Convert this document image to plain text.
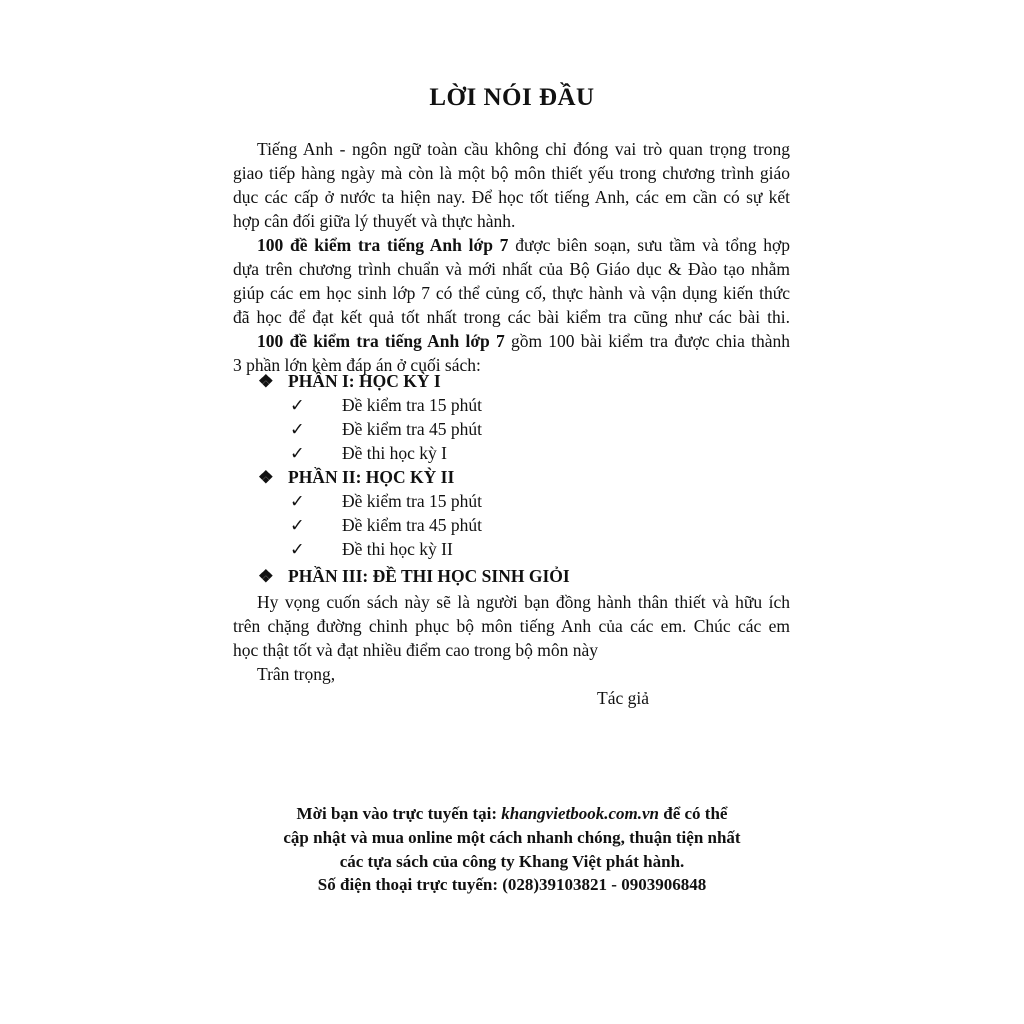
LỜI NÓI ĐẦU
Tiếng Anh - ngôn ngữ toàn cầu không chỉ đóng vai trò quan trọng trong
giao tiếp hàng ngày mà còn là một bộ môn thiết yếu trong chương trình giáo
dục các cấp ở nước ta hiện nay. Để học tốt tiếng Anh, các em cần có sự kết
hợp cân đối giữa lý thuyết và thực hành.
100 đề kiểm tra tiếng Anh lớp 7 được biên soạn, sưu tầm và tổng hợp
dựa trên chương trình chuẩn và mới nhất của Bộ Giáo dục & Đào tạo nhằm
giúp các em học sinh lớp 7 có thể củng cố, thực hành và vận dụng kiến thức
đã học để đạt kết quả tốt nhất trong các bài kiểm tra cũng như các bài thi.
100 đề kiểm tra tiếng Anh lớp 7 gồm 100 bài kiểm tra được chia thành
3 phần lớn kèm đáp án ở cuối sách:
❖ PHẦN I: HỌC KỲ I
✓ Đề kiểm tra 15 phút
✓ Đề kiểm tra 45 phút
✓ Đề thi học kỳ I
❖ PHẦN II: HỌC KỲ II
✓ Đề kiểm tra 15 phút
✓ Đề kiểm tra 45 phút
✓ Đề thi học kỳ II
❖ PHẦN III: ĐỀ THI HỌC SINH GIỎI
Hy vọng cuốn sách này sẽ là người bạn đồng hành thân thiết và hữu ích
trên chặng đường chinh phục bộ môn tiếng Anh của các em. Chúc các em
học thật tốt và đạt nhiều điểm cao trong bộ môn này
Trân trọng,
Tác giả
Mời bạn vào trực tuyến tại: khangvietbook.com.vn để có thể
cập nhật và mua online một cách nhanh chóng, thuận tiện nhất
các tựa sách của công ty Khang Việt phát hành.
Số điện thoại trực tuyến: (028)39103821 - 0903906848
